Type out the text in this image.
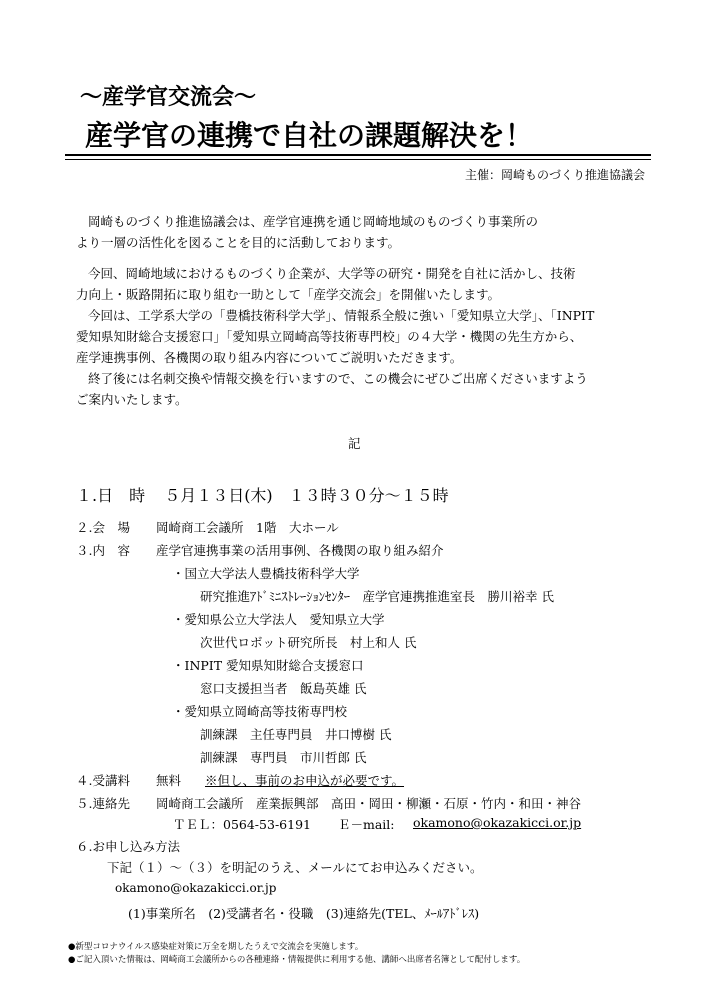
～産学官交流会～
産学官の連携で自社の課題解決を！
主催：岡崎ものづくり推進協議会
岡崎ものづくり推進協議会は、産学官連携を通じ岡崎地域のものづくり事業所の
より一層の活性化を図ることを目的に活動しております。
今回、岡崎地域におけるものづくり企業が、大学等の研究・開発を自社に活かし、技術
力向上・販路開拓に取り組む一助として「産学交流会」を開催いたします。
今回は、工学系大学の「豊橋技術科学大学」、情報系全般に強い「愛知県立大学」、「INPIT
愛知県知財総合支援窓口」「愛知県立岡崎高等技術専門校」の４大学・機関の先生方から、
産学連携事例、各機関の取り組み内容についてご説明いただきます。
終了後には名刺交換や情報交換を行いますので、この機会にぜひご出席くださいますよう
ご案内いたします。
記
１.日　時 ５月１３日(木)　１３時３０分～１５時
２.会　場 岡崎商工会議所　1階　大ホール
３.内　容 産学官連携事業の活用事例、各機関の取り組み紹介
・国立大学法人豊橋技術科学大学
研究推進ｱﾄﾞﾐﾆｽﾄﾚｰｼｮﾝｾﾝﾀｰ　産学官連携推進室長　勝川裕幸 氏
・愛知県公立大学法人　愛知県立大学
次世代ロボット研究所長　村上和人 氏
・INPIT 愛知県知財総合支援窓口
窓口支援担当者　飯島英雄 氏
・愛知県立岡崎高等技術専門校
訓練課　主任専門員　井口博樹 氏
訓練課　専門員　市川哲郎 氏
４.受講料 無料 ※但し、事前のお申込が必要です。
５.連絡先 岡崎商工会議所　産業振興部　高田・岡田・柳瀬・石原・竹内・和田・神谷
ＴＥＬ：0564-53-6191 Ｅ－mail: okamono@okazakicci.or.jp
６.お申し込み方法
下記（１）～（３）を明記のうえ、メールにてお申込みください。
okamono@okazakicci.or.jp
(1)事業所名　(2)受講者名・役職　(3)連絡先(TEL、ﾒｰﾙｱﾄﾞﾚｽ)
●新型コロナウイルス感染症対策に万全を期したうえで交流会を実施します。
●ご記入頂いた情報は、岡崎商工会議所からの各種連絡・情報提供に利用する他、講師へ出席者名簿として配付します。
